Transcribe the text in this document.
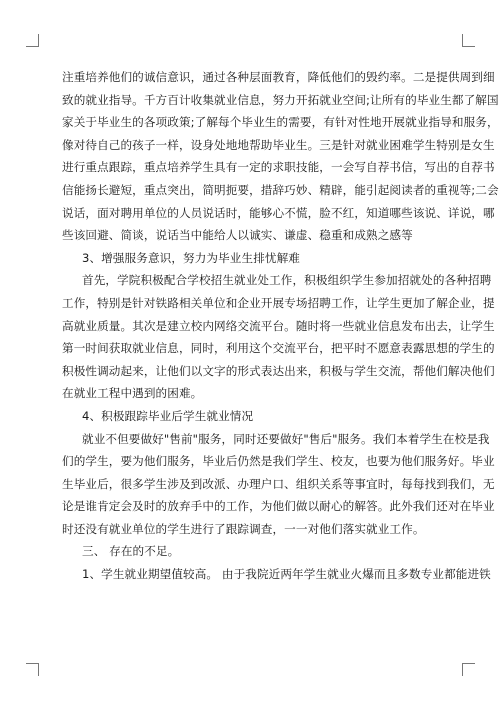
注重培养他们的诚信意识，通过各种层面教育，降低他们的毁约率。二是提供周到细
致的就业指导。千方百计收集就业信息，努力开拓就业空间;让所有的毕业生都了解国
家关于毕业生的各项政策;了解每个毕业生的需要，有针对性地开展就业指导和服务，
像对待自己的孩子一样，设身处地地帮助毕业生。三是针对就业困难学生特别是女生
进行重点跟踪，重点培养学生具有一定的求职技能，一会写自荐书信，写出的自荐书
信能扬长避短，重点突出，简明扼要，措辞巧妙、精辟，能引起阅读者的重视等;二会
说话，面对聘用单位的人员说话时，能够心不慌，脸不红，知道哪些该说、详说，哪
些该回避、简谈，说话当中能给人以诚实、谦虚、稳重和成熟之感等
3、增强服务意识，努力为毕业生排忧解难
首先，学院积极配合学校招生就业处工作，积极组织学生参加招就处的各种招聘
工作，特别是针对铁路相关单位和企业开展专场招聘工作，让学生更加了解企业，提
高就业质量。其次是建立校内网络交流平台。随时将一些就业信息发布出去，让学生
第一时间获取就业信息，同时，利用这个交流平台，把平时不愿意表露思想的学生的
积极性调动起来，让他们以文字的形式表达出来，积极与学生交流，帮他们解决他们
在就业工程中遇到的困难。
4、积极跟踪毕业后学生就业情况
就业不但要做好"售前"服务，同时还要做好"售后"服务。我们本着学生在校是我
们的学生，要为他们服务，毕业后仍然是我们学生、校友，也要为他们服务好。毕业
生毕业后，很多学生涉及到改派、办理户口、组织关系等事宜时，每每找到我们，无
论是谁肯定会及时的放弃手中的工作，为他们做以耐心的解答。此外我们还对在毕业
时还没有就业单位的学生进行了跟踪调查，一一对他们落实就业工作。
三、 存在的不足。
1、学生就业期望值较高。 由于我院近两年学生就业火爆而且多数专业都能进铁
